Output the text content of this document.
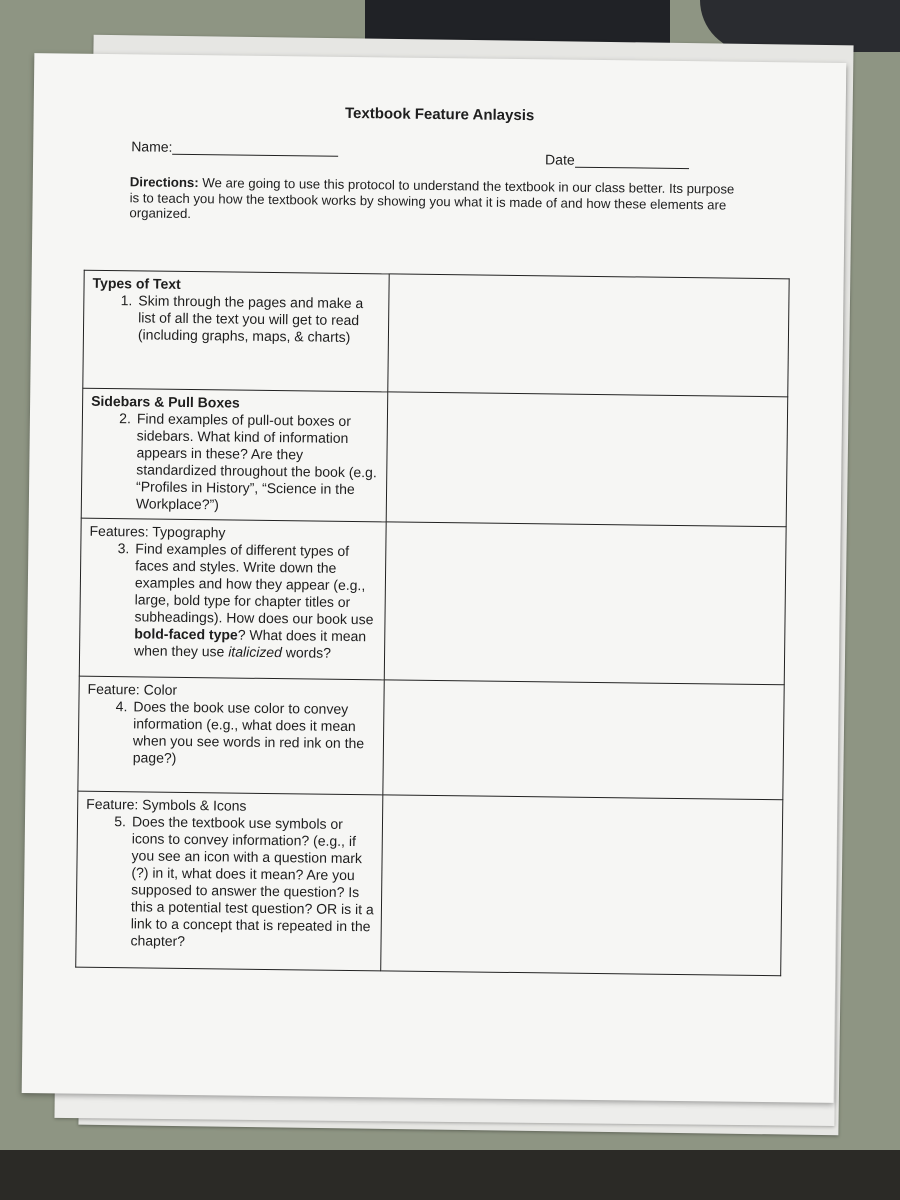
Textbook Feature Anlaysis
Name:
Date
Directions: We are going to use this protocol to understand the textbook in our class better. Its purpose is to teach you how the textbook works by showing you what it is made of and how these elements are organized.
Types of Text
1. Skim through the pages and make a list of all the text you will get to read (including graphs, maps, & charts)	

Sidebars & Pull Boxes
2. Find examples of pull-out boxes or sidebars. What kind of information appears in these? Are they standardized throughout the book (e.g. “Profiles in History”, “Science in the Workplace?”)	

Features: Typography
3. Find examples of different types of faces and styles. Write down the examples and how they appear (e.g., large, bold type for chapter titles or subheadings). How does our book use bold-faced type? What does it mean when they use italicized words?	

Feature: Color
4. Does the book use color to convey information (e.g., what does it mean when you see words in red ink on the page?)	

Feature: Symbols & Icons
5. Does the textbook use symbols or icons to convey information? (e.g., if you see an icon with a question mark (?) in it, what does it mean? Are you supposed to answer the question? Is this a potential test question? OR is it a link to a concept that is repeated in the chapter?	
